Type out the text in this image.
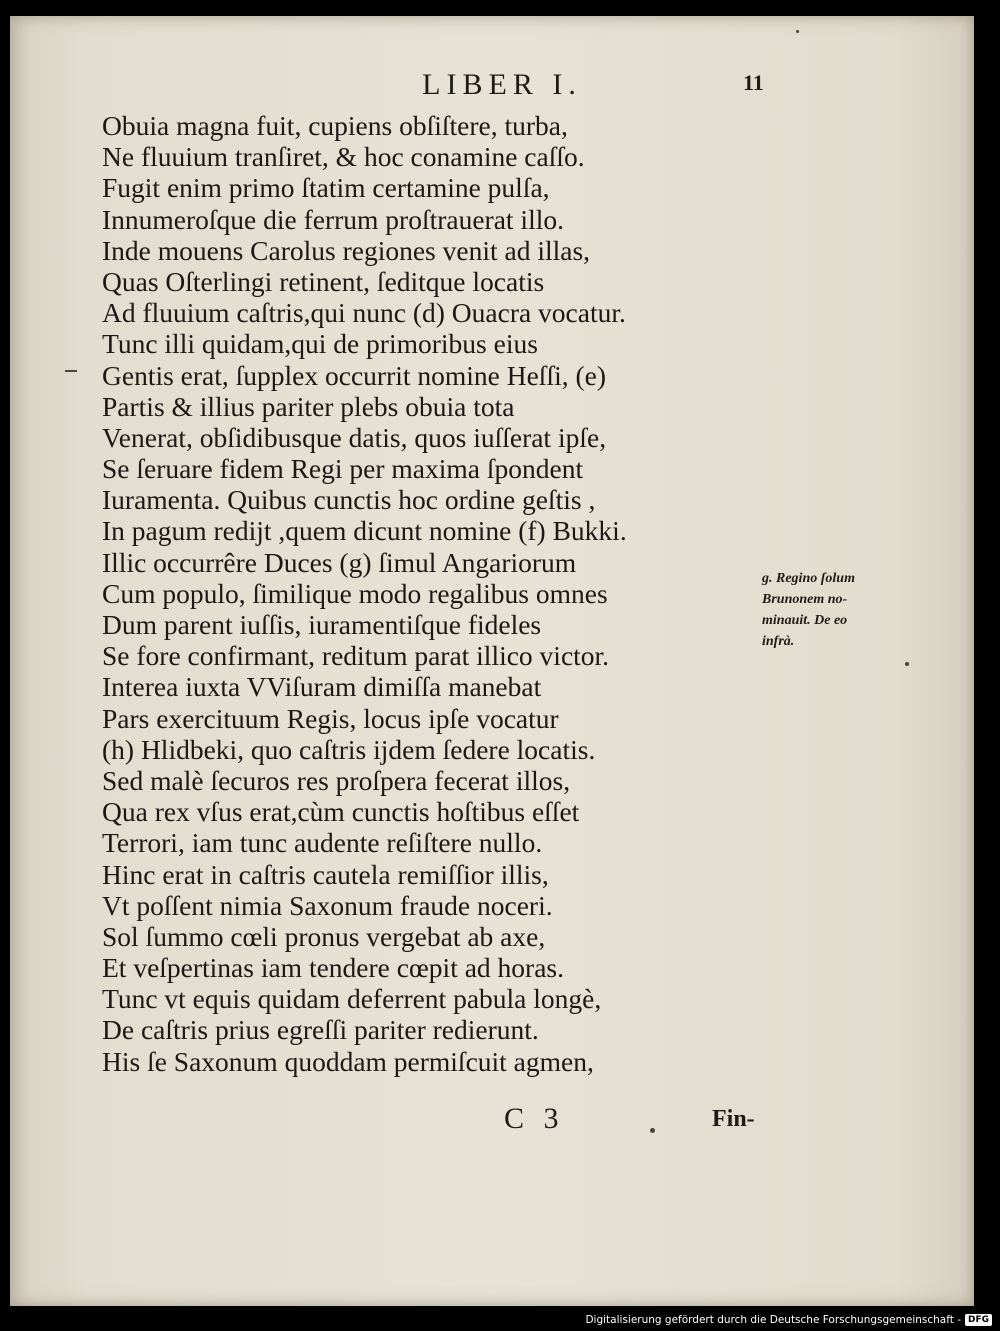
LIBER I.	11
Obuia magna fuit, cupiens obſiſtere, turba,
Ne fluuium tranſiret, & hoc conamine caſſo.
Fugit enim primo ſtatim certamine pulſa,
Innumeroſque die ferrum proſtrauerat illo.
Inde mouens Carolus regiones venit ad illas,
Quas Oſterlingi retinent, ſeditque locatis
Ad fluuium caſtris,qui nunc (d) Ouacra vocatur.
Tunc illi quidam,qui de primoribus eius
Gentis erat, ſupplex occurrit nomine Heſſi, (e)
Partis & illius pariter plebs obuia tota
Venerat, obſidibusque datis, quos iuſſerat ipſe,
Se ſeruare fidem Regi per maxima ſpondent
Iuramenta. Quibus cunctis hoc ordine geſtis ,
In pagum redijt ,quem dicunt nomine (f) Bukki.
Illic occurrêre Duces (g) ſimul Angariorum
Cum populo, ſimilique modo regalibus omnes
Dum parent iuſſis, iuramentiſque fideles
Se fore confirmant, reditum parat illico victor.
Interea iuxta VViſuram dimiſſa manebat
Pars exercituum Regis, locus ipſe vocatur
(h) Hlidbeki, quo caſtris ijdem ſedere locatis.
Sed malè ſecuros res proſpera fecerat illos,
Qua rex vſus erat,cùm cunctis hoſtibus eſſet
Terrori, iam tunc audente reſiſtere nullo.
Hinc erat in caſtris cautela remiſſior illis,
Vt poſſent nimia Saxonum fraude noceri.
Sol ſummo cœli pronus vergebat ab axe,
Et veſpertinas iam tendere cœpit ad horas.
Tunc vt equis quidam deferrent pabula longè,
De caſtris prius egreſſi pariter redierunt.
His ſe Saxonum quoddam permiſcuit agmen,
g. Regino ſolum
Brunonem no-
minauit. De eo
infrà.
C 3	Fin-
Digitalisierung gefördert durch die Deutsche Forschungsgemeinschaft - DFG
